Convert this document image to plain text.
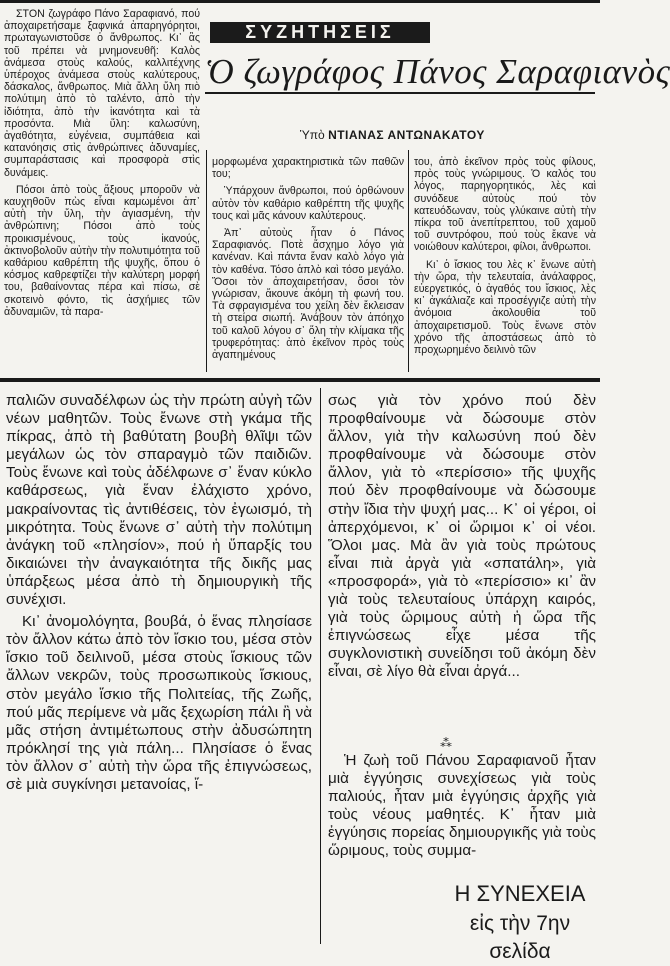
ΣΥΖΗΤΗΣΕΙΣ
Ὁ ζωγράφος Πάνος Σαραφιανὸς
Ὑπὸ ΝΤΙΑΝΑΣ ΑΝΤΩΝΑΚΑΤΟΥ

ΣΤΟΝ ζωγράφο Πάνο Σαραφιανό, πού ἀποχαιρετήσαμε ξαφνικά ἀπαρηγόρητοι, πρωταγωνιστοῦσε ὁ ἄνθρωπος. Κι᾿ ἂς τοῦ πρέπει νὰ μνημονευθῆ: Καλὸς ἀνάμεσα στοὺς καλούς, καλλιτέχνης ὑπέροχος ἀνάμεσα στοὺς καλύτερους, δάσκαλος, ἄνθρωπος. Μιὰ ἄλλη ὕλη πιὸ πολύτιμη ἀπὸ τὸ ταλέντο, ἀπὸ τὴν ἰδιότητα, ἀπὸ τὴν ἱκανότητα καὶ τὰ προσόντα. Μιὰ ὕλη: καλωσύνη, ἀγαθότητα, εὐγένεια, συμπάθεια καὶ κατανόησις στὶς ἀνθρώπινες ἀδυναμίες, συμπαράστασις καὶ προσφορὰ στὶς δυνάμεις.

Πόσοι ἀπὸ τοὺς ἄξιους μποροῦν νὰ καυχηθοῦν πὼς εἶναι καμωμένοι ἀπ᾿ αὐτὴ τὴν ὕλη, τὴν ἁγιασμένη, τὴν ἀνθρώπινη; Πόσοι ἀπὸ τοὺς προικισμένους, τοὺς ἱκανούς, ἀκτινοβολοῦν αὐτὴν τὴν πολυτιμότητα τοῦ καθάριου καθρέπτη τῆς ψυχῆς, ὅπου ὁ κόσμος καθρεφτίζει τὴν καλύτερη μορφή του, βαθαίνοντας πέρα καὶ πίσω, σὲ σκοτεινὸ φόντο, τὶς ἀσχήμιες τῶν ἀδυναμιῶν, τὰ παρα-

μορφωμένα χαρακτηριστικὰ τῶν παθῶν του;

Ὑπάρχουν ἄνθρωποι, πού ὀρθώνουν αὐτὸν τὸν καθάριο καθρέπτη τῆς ψυχῆς τους καὶ μᾶς κάνουν καλύτερους.

Ἀπ᾿ αὐτοὺς ἦταν ὁ Πάνος Σαραφιανός. Ποτὲ ἄσχημο λόγο γιὰ κανέναν. Καὶ πάντα ἕναν καλὸ λόγο γιὰ τὸν καθένα. Τόσο ἁπλὸ καὶ τόσο μεγάλο. Ὅσοι τὸν ἀποχαιρετήσαν, ὅσοι τὸν γνώρισαν, ἄκουνε ἀκόμη τὴ φωνή του. Τὰ σφραγισμένα του χείλη δὲν ἔκλεισαν τὴ στείρα σιωπή. Ἀνάβουν τὸν ἀπόηχο τοῦ καλοῦ λόγου σ᾿ ὅλη τὴν κλίμακα τῆς τρυφερότητας: ἀπὸ ἐκεῖνον πρὸς τοὺς ἀγαπημένους

του, ἀπὸ ἐκεῖνον πρὸς τοὺς φίλους, πρὸς τοὺς γνώριμους. Ὁ καλός του λόγος, παρηγορητικός, λὲς καὶ συνόδευε αὐτοὺς πού τὸν κατευόδωναν, τοὺς γλύκαινε αὐτὴ τὴν πίκρα τοῦ ἀνεπίτρεπτου, τοῦ χαμοῦ τοῦ συντρόφου, πού τοὺς ἔκανε νὰ νοιώθουν καλύτεροι, φίλοι, ἄνθρωποι.

Κι᾿ ὁ ἴσκιος του λὲς κ᾿ ἔνωνε αὐτὴ τὴν ὥρα, τὴν τελευταία, ἀνάλαφρος, εὐεργετικός, ὁ ἀγαθός του ἴσκιος, λὲς κι᾿ ἀγκάλιαζε καὶ προσέγγιζε αὐτὴ τὴν ἀνόμοια ἀκολουθία τοῦ ἀποχαιρετισμοῦ. Τοὺς ἔνωνε στὸν χρόνο τῆς ἀποστάσεως ἀπὸ τὸ προχωρημένο δειλινὸ τῶν

παλιῶν συναδέλφων ὡς τὴν πρώτη αὐγὴ τῶν νέων μαθητῶν. Τοὺς ἔνωνε στὴ γκάμα τῆς πίκρας, ἀπὸ τὴ βαθύτατη βουβὴ θλῖψι τῶν μεγάλων ὡς τὸν σπαραγμὸ τῶν παιδιῶν. Τοὺς ἔνωνε καὶ τοὺς ἀδέλφωνε σ᾿ ἕναν κύκλο καθάρσεως, γιὰ ἕναν ἐλάχιστο χρόνο, μακραίνοντας τὶς ἀντιθέσεις, τὸν ἐγωισμό, τὴ μικρότητα. Τοὺς ἔνωνε σ᾿ αὐτὴ τὴν πολύτιμη ἀνάγκη τοῦ «πλησίον», πού ἡ ὕπαρξίς του δικαιώνει τὴν ἀναγκαιότητα τῆς δικῆς μας ὑπάρξεως μέσα ἀπὸ τὴ δημιουργικὴ τῆς συνέχισι.

Κι᾿ ἀνομολόγητα, βουβά, ὁ ἕνας πλησίασε τὸν ἄλλον κάτω ἀπὸ τὸν ἴσκιο του, μέσα στὸν ἴσκιο τοῦ δειλινοῦ, μέσα στοὺς ἴσκιους τῶν ἄλλων νεκρῶν, τοὺς προσωπικοὺς ἴσκιους, στὸν μεγάλο ἴσκιο τῆς Πολιτείας, τῆς Ζωῆς, πού μᾶς περίμενε νὰ μᾶς ξεχωρίση πάλι ἢ νὰ μᾶς στήση ἀντιμέτωπους στὴν ἀδυσώπητη πρόκλησί της γιὰ πάλη... Πλησίασε ὁ ἕνας τὸν ἄλλον σ᾿ αὐτὴ τὴν ὥρα τῆς ἐπιγνώσεως, σὲ μιὰ συγκίνησι μετανοίας, ἴ-

σως γιὰ τὸν χρόνο πού δὲν προφθαίνουμε νὰ δώσουμε στὸν ἄλλον, γιὰ τὴν καλωσύνη πού δὲν προφθαίνουμε νὰ δώσουμε στὸν ἄλλον, γιὰ τὸ «περίσσιο» τῆς ψυχῆς πού δὲν προφθαίνουμε νὰ δώσουμε στὴν ἴδια τὴν ψυχή μας... Κ᾿ οἱ γέροι, οἱ ἀπερχόμενοι, κ᾿ οἱ ὥριμοι κ᾿ οἱ νέοι. Ὅλοι μας. Μὰ ἂν γιὰ τοὺς πρώτους εἶναι πιὰ ἀργὰ γιὰ «σπατάλη», γιὰ «προσφορά», γιὰ τὸ «περίσσιο» κι᾿ ἂν γιὰ τοὺς τελευταίους ὑπάρχη καιρός, γιὰ τοὺς ὥριμους αὐτὴ ἡ ὥρα τῆς ἐπιγνώσεως εἶχε μέσα τῆς συγκλονιστικὴ συνείδησι τοῦ ἀκόμη δὲν εἶναι, σὲ λίγο θὰ εἶναι ἀργά...

⁂

Ἡ ζωὴ τοῦ Πάνου Σαραφιανοῦ ἦταν μιὰ ἐγγύησις συνεχίσεως γιὰ τοὺς παλιούς, ἦταν μιὰ ἐγγύησις ἀρχῆς γιὰ τοὺς νέους μαθητές. Κ᾿ ἦταν μιὰ ἐγγύησις πορείας δημιουργικῆς γιὰ τοὺς ὥριμους, τοὺς συμμα-

Η ΣΥΝΕΧΕΙΑ
εἰς τὴν 7ην σελίδα
